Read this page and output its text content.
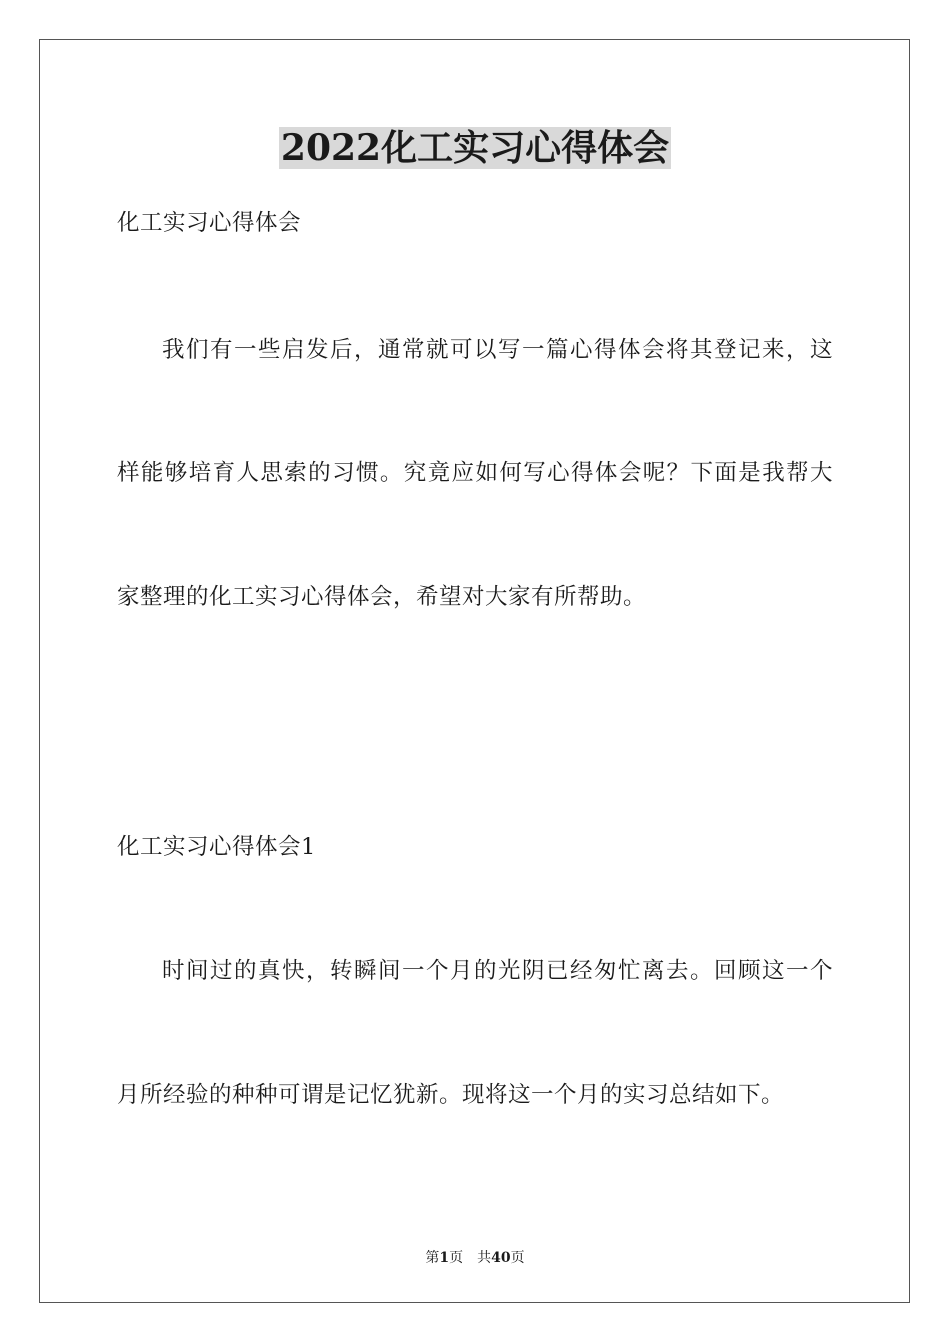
2022化工实习心得体会
化工实习心得体会
我们有一些启发后，通常就可以写一篇心得体会将其登记来，这
样能够培育人思索的习惯。究竟应如何写心得体会呢？下面是我帮大
家整理的化工实习心得体会，希望对大家有所帮助。
化工实习心得体会1
时间过的真快，转瞬间一个月的光阴已经匆忙离去。回顾这一个
月所经验的种种可谓是记忆犹新。现将这一个月的实习总结如下。
第1页 共40页
